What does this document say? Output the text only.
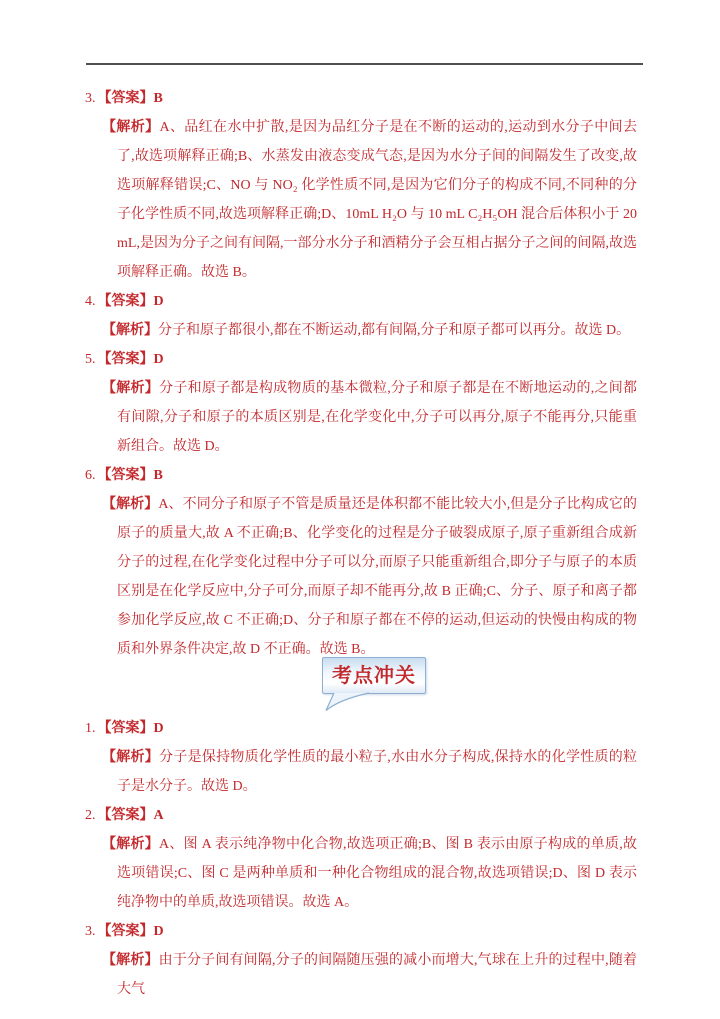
3. 【答案】B
【解析】A、品红在水中扩散,是因为品红分子是在不断的运动的,运动到水分子中间去了,故选项解释正确;B、水蒸发由液态变成气态,是因为水分子间的间隔发生了改变,故选项解释错误;C、NO 与 NO₂ 化学性质不同,是因为它们分子的构成不同,不同种的分子化学性质不同,故选项解释正确;D、10mL H₂O 与 10 mL C₂H₅OH 混合后体积小于 20 mL,是因为分子之间有间隔,一部分水分子和酒精分子会互相占据分子之间的间隔,故选项解释正确。故选 B。
4. 【答案】D
【解析】分子和原子都很小,都在不断运动,都有间隔,分子和原子都可以再分。故选 D。
5. 【答案】D
【解析】分子和原子都是构成物质的基本微粒,分子和原子都是在不断地运动的,之间都有间隙,分子和原子的本质区别是,在化学变化中,分子可以再分,原子不能再分,只能重新组合。故选 D。
6. 【答案】B
【解析】A、不同分子和原子不管是质量还是体积都不能比较大小,但是分子比构成它的原子的质量大,故 A 不正确;B、化学变化的过程是分子破裂成原子,原子重新组合成新分子的过程,在化学变化过程中分子可以分,而原子只能重新组合,即分子与原子的本质区别是在化学反应中,分子可分,而原子却不能再分,故 B 正确;C、分子、原子和离子都参加化学反应,故 C 不正确;D、分子和原子都在不停的运动,但运动的快慢由构成的物质和外界条件决定,故 D 不正确。故选 B。
考点冲关
1. 【答案】D
【解析】分子是保持物质化学性质的最小粒子,水由水分子构成,保持水的化学性质的粒子是水分子。故选 D。
2. 【答案】A
【解析】A、图 A 表示纯净物中化合物,故选项正确;B、图 B 表示由原子构成的单质,故选项错误;C、图 C 是两种单质和一种化合物组成的混合物,故选项错误;D、图 D 表示纯净物中的单质,故选项错误。故选 A。
3. 【答案】D
【解析】由于分子间有间隔,分子的间隔随压强的减小而增大,气球在上升的过程中,随着大气
